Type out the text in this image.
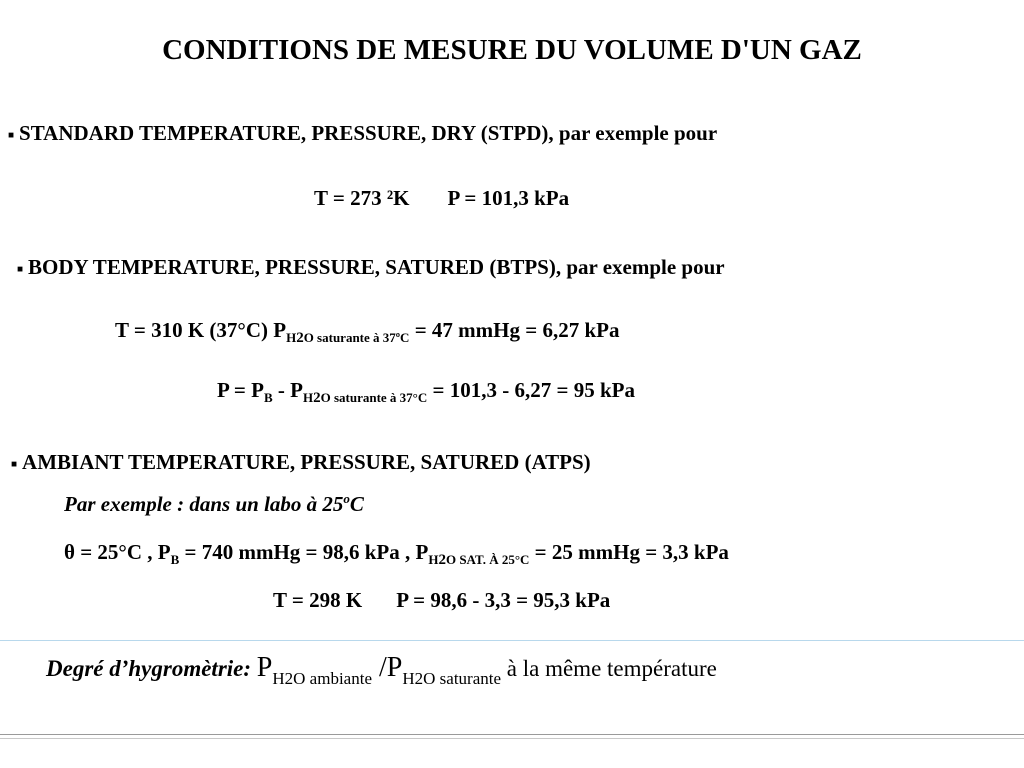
CONDITIONS DE MESURE DU VOLUME D'UN GAZ
■ STANDARD TEMPERATURE, PRESSURE, DRY (STPD), par exemple pour
T = 273 ²K P = 101,3 kPa
■ BODY TEMPERATURE, PRESSURE, SATURED (BTPS), par exemple pour
T = 310 K (37°C) $P_{H2O saturante à 37ºC} = 47$ mmHg = 6,27 kPa
$P = P_B - P_{H2O saturante à 37^\circ C} = 101,3 - 6,27 = 95$ kPa
■ AMBIANT TEMPERATURE, PRESSURE, SATURED (ATPS)
Par exemple : dans un labo à 25$^o$C
θ = 25°C , $P_B = 740$ mmHg = 98,6 kPa , $P_{H2O SAT. À 25^\circ C} = 25$ mmHg = 3,3 kPa
T = 298 K P = 98,6 - 3,3 = 95,3 kPa
Degré d’hygromètrie: $P_{H2O ambiante}$ $/P_{H2O saturante}$ à la même température
